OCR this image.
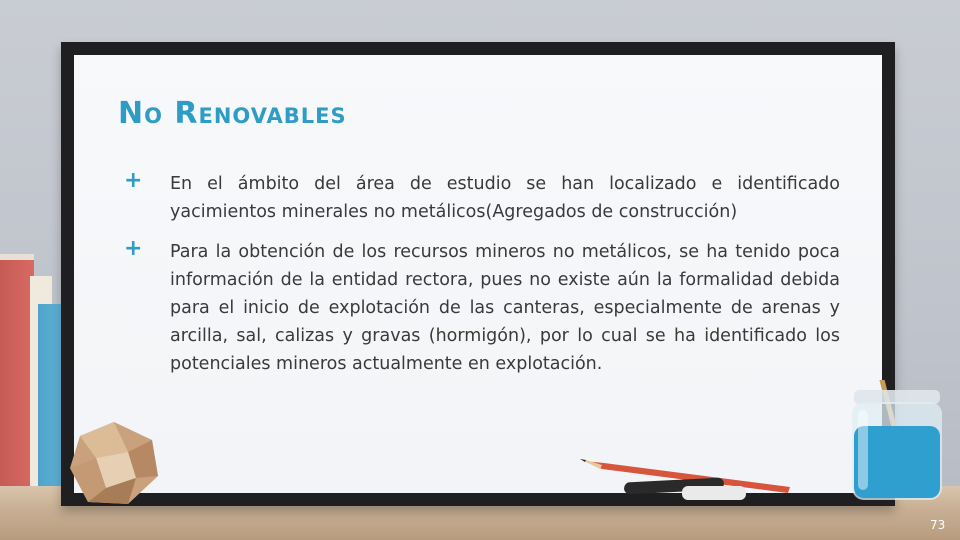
No Renovables
+ En el ámbito del área de estudio se han localizado e identificado yacimientos minerales no metálicos(Agregados de construcción)
+ Para la obtención de los recursos mineros no metálicos, se ha tenido poca información de la entidad rectora, pues no existe aún la formalidad debida para el inicio de explotación de las canteras, especialmente de arenas y arcilla, sal, calizas y gravas (hormigón), por lo cual se ha identificado los potenciales mineros actualmente en explotación.
73
